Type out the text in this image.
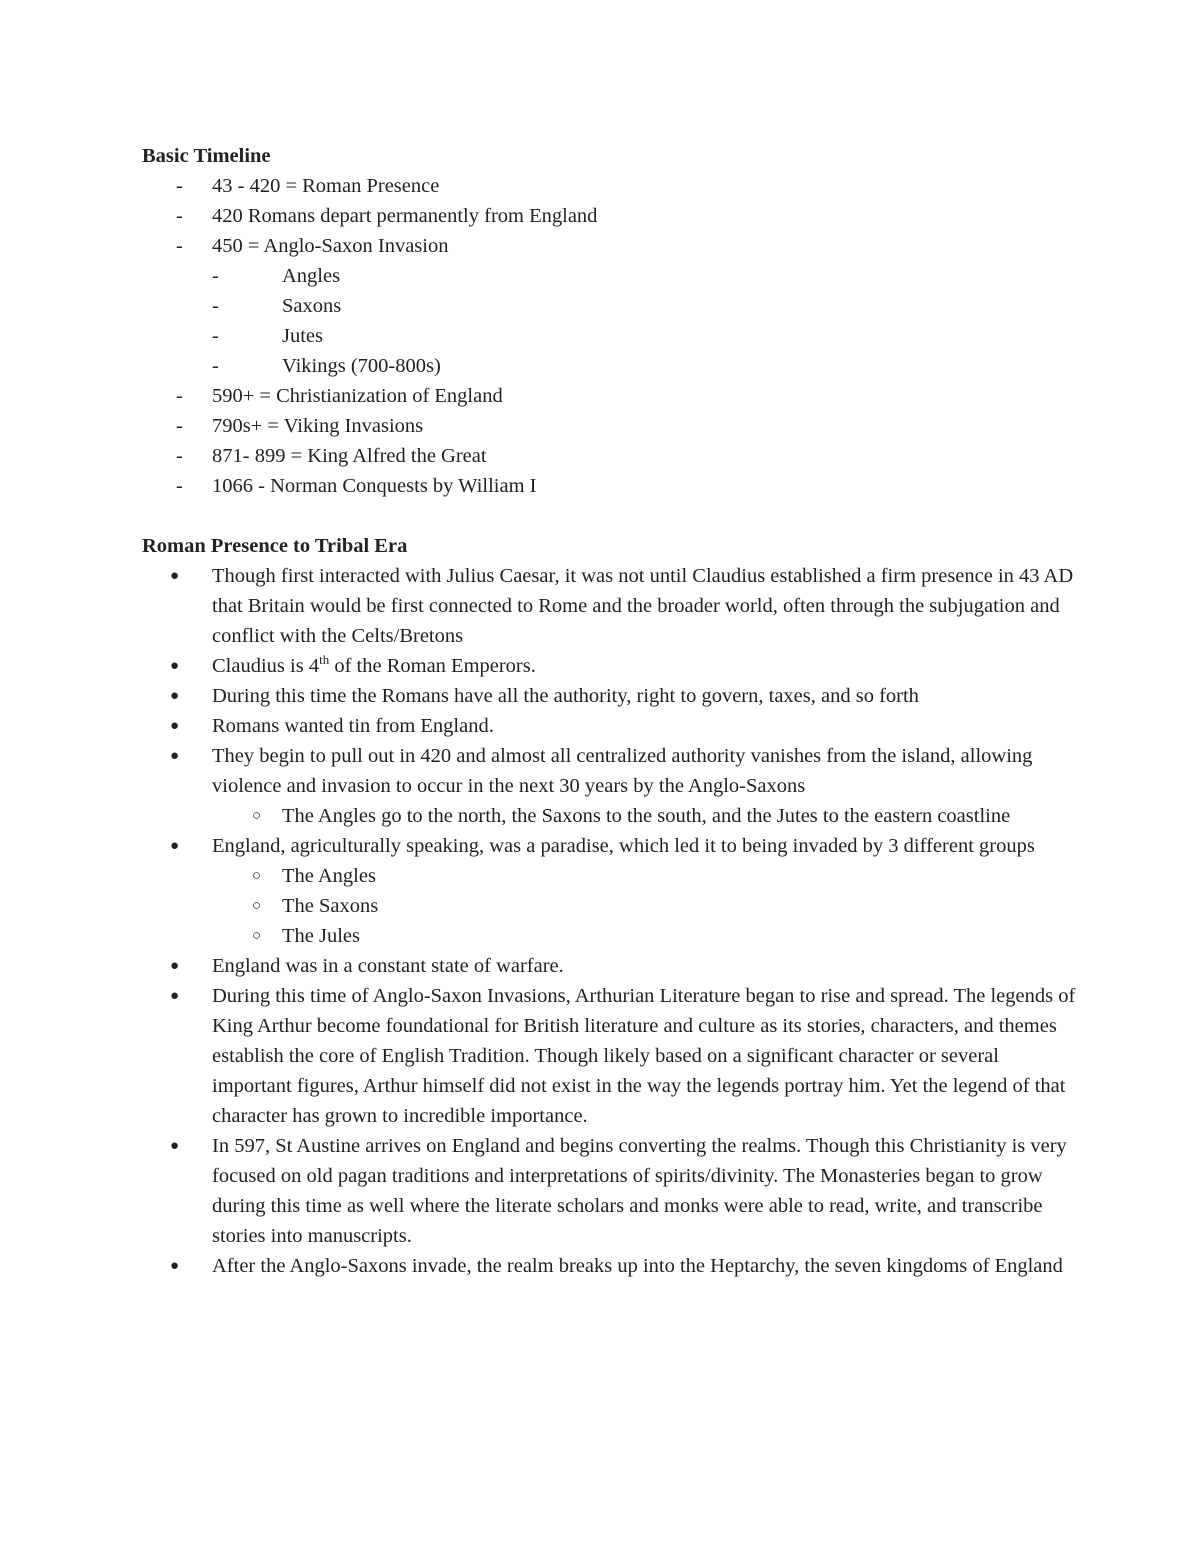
Basic Timeline
- 43 - 420 = Roman Presence
- 420 Romans depart permanently from England
- 450 = Anglo-Saxon Invasion
-	Angles
-	Saxons
-	Jutes
-	Vikings (700-800s)
- 590+ = Christianization of England
- 790s+ = Viking Invasions
- 871- 899 = King Alfred the Great
- 1066 - Norman Conquests by William I
Roman Presence to Tribal Era
● Though first interacted with Julius Caesar, it was not until Claudius established a firm presence in 43 AD that Britain would be first connected to Rome and the broader world, often through the subjugation and conflict with the Celts/Bretons
● Claudius is 4th of the Roman Emperors.
● During this time the Romans have all the authority, right to govern, taxes, and so forth
● Romans wanted tin from England.
● They begin to pull out in 420 and almost all centralized authority vanishes from the island, allowing violence and invasion to occur in the next 30 years by the Anglo-Saxons
○ The Angles go to the north, the Saxons to the south, and the Jutes to the eastern coastline
● England, agriculturally speaking, was a paradise, which led it to being invaded by 3 different groups
○ The Angles
○ The Saxons
○ The Jules
● England was in a constant state of warfare.
● During this time of Anglo-Saxon Invasions, Arthurian Literature began to rise and spread. The legends of King Arthur become foundational for British literature and culture as its stories, characters, and themes establish the core of English Tradition. Though likely based on a significant character or several important figures, Arthur himself did not exist in the way the legends portray him. Yet the legend of that character has grown to incredible importance.
● In 597, St Austine arrives on England and begins converting the realms. Though this Christianity is very focused on old pagan traditions and interpretations of spirits/divinity. The Monasteries began to grow during this time as well where the literate scholars and monks were able to read, write, and transcribe stories into manuscripts.
● After the Anglo-Saxons invade, the realm breaks up into the Heptarchy, the seven kingdoms of England
